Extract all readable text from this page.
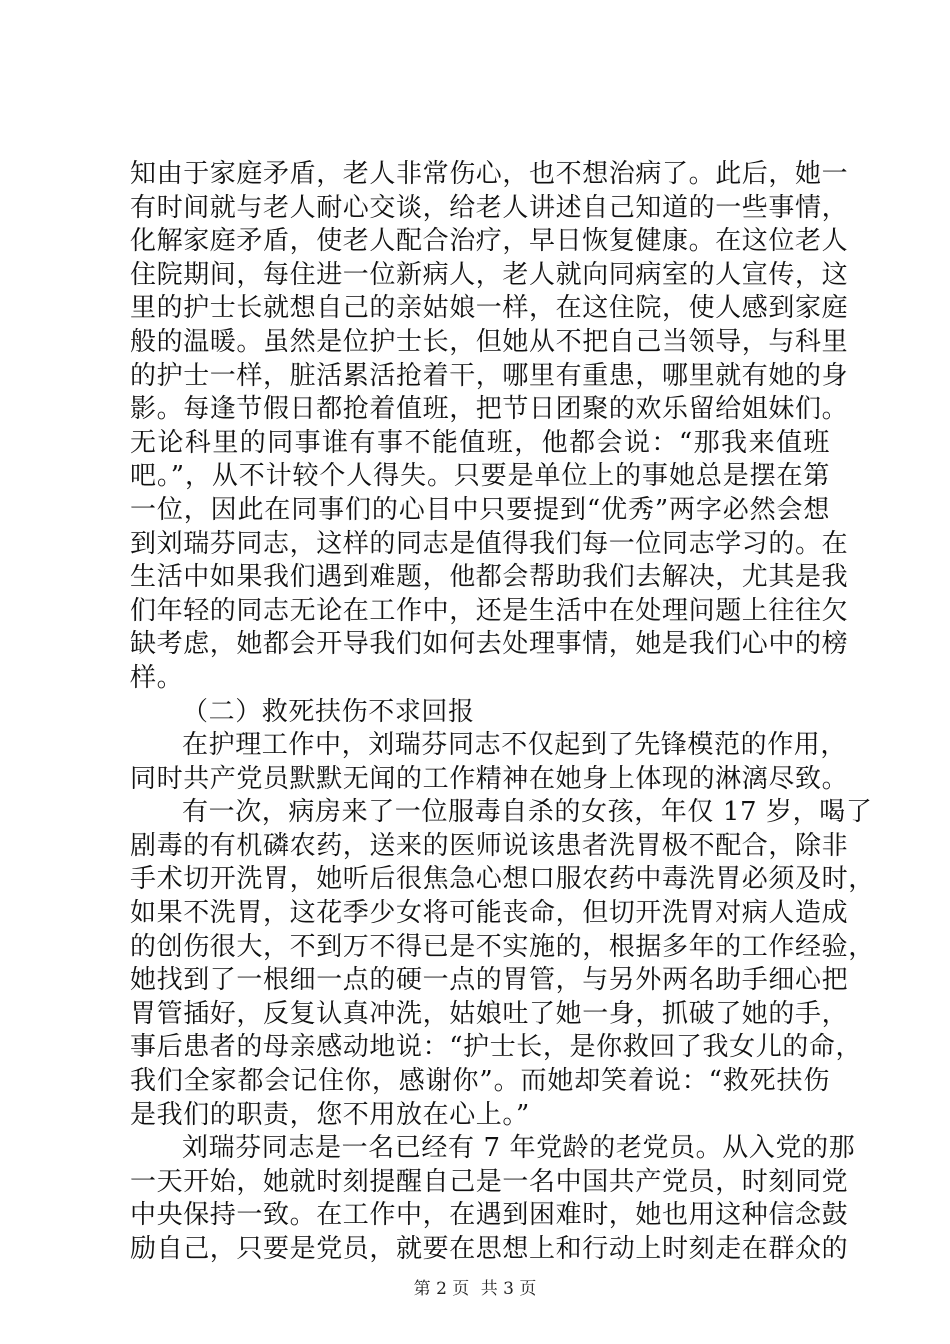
知由于家庭矛盾，老人非常伤心，也不想治病了。此后，她一
有时间就与老人耐心交谈，给老人讲述自己知道的一些事情，
化解家庭矛盾，使老人配合治疗，早日恢复健康。在这位老人
住院期间，每住进一位新病人，老人就向同病室的人宣传，这
里的护士长就想自己的亲姑娘一样，在这住院，使人感到家庭
般的温暖。虽然是位护士长，但她从不把自己当领导，与科里
的护士一样，脏活累活抢着干，哪里有重患，哪里就有她的身
影。每逢节假日都抢着值班，把节日团聚的欢乐留给姐妹们。
无论科里的同事谁有事不能值班，他都会说：“那我来值班
吧。”，从不计较个人得失。只要是单位上的事她总是摆在第
一位，因此在同事们的心目中只要提到“优秀”两字必然会想
到刘瑞芬同志，这样的同志是值得我们每一位同志学习的。在
生活中如果我们遇到难题，他都会帮助我们去解决，尤其是我
们年轻的同志无论在工作中，还是生活中在处理问题上往往欠
缺考虑，她都会开导我们如何去处理事情，她是我们心中的榜
样。
（二）救死扶伤不求回报
在护理工作中，刘瑞芬同志不仅起到了先锋模范的作用，
同时共产党员默默无闻的工作精神在她身上体现的淋漓尽致。
有一次，病房来了一位服毒自杀的女孩，年仅 17 岁，喝了
剧毒的有机磷农药，送来的医师说该患者洗胃极不配合，除非
手术切开洗胃，她听后很焦急心想口服农药中毒洗胃必须及时，
如果不洗胃，这花季少女将可能丧命，但切开洗胃对病人造成
的创伤很大，不到万不得已是不实施的，根据多年的工作经验，
她找到了一根细一点的硬一点的胃管，与另外两名助手细心把
胃管插好，反复认真冲洗，姑娘吐了她一身，抓破了她的手，
事后患者的母亲感动地说：“护士长，是你救回了我女儿的命，
我们全家都会记住你，感谢你”。而她却笑着说：“救死扶伤
是我们的职责，您不用放在心上。”
刘瑞芬同志是一名已经有 7 年党龄的老党员。从入党的那
一天开始，她就时刻提醒自己是一名中国共产党员，时刻同党
中央保持一致。在工作中，在遇到困难时，她也用这种信念鼓
励自己，只要是党员，就要在思想上和行动上时刻走在群众的
第 2 页 共 3 页
